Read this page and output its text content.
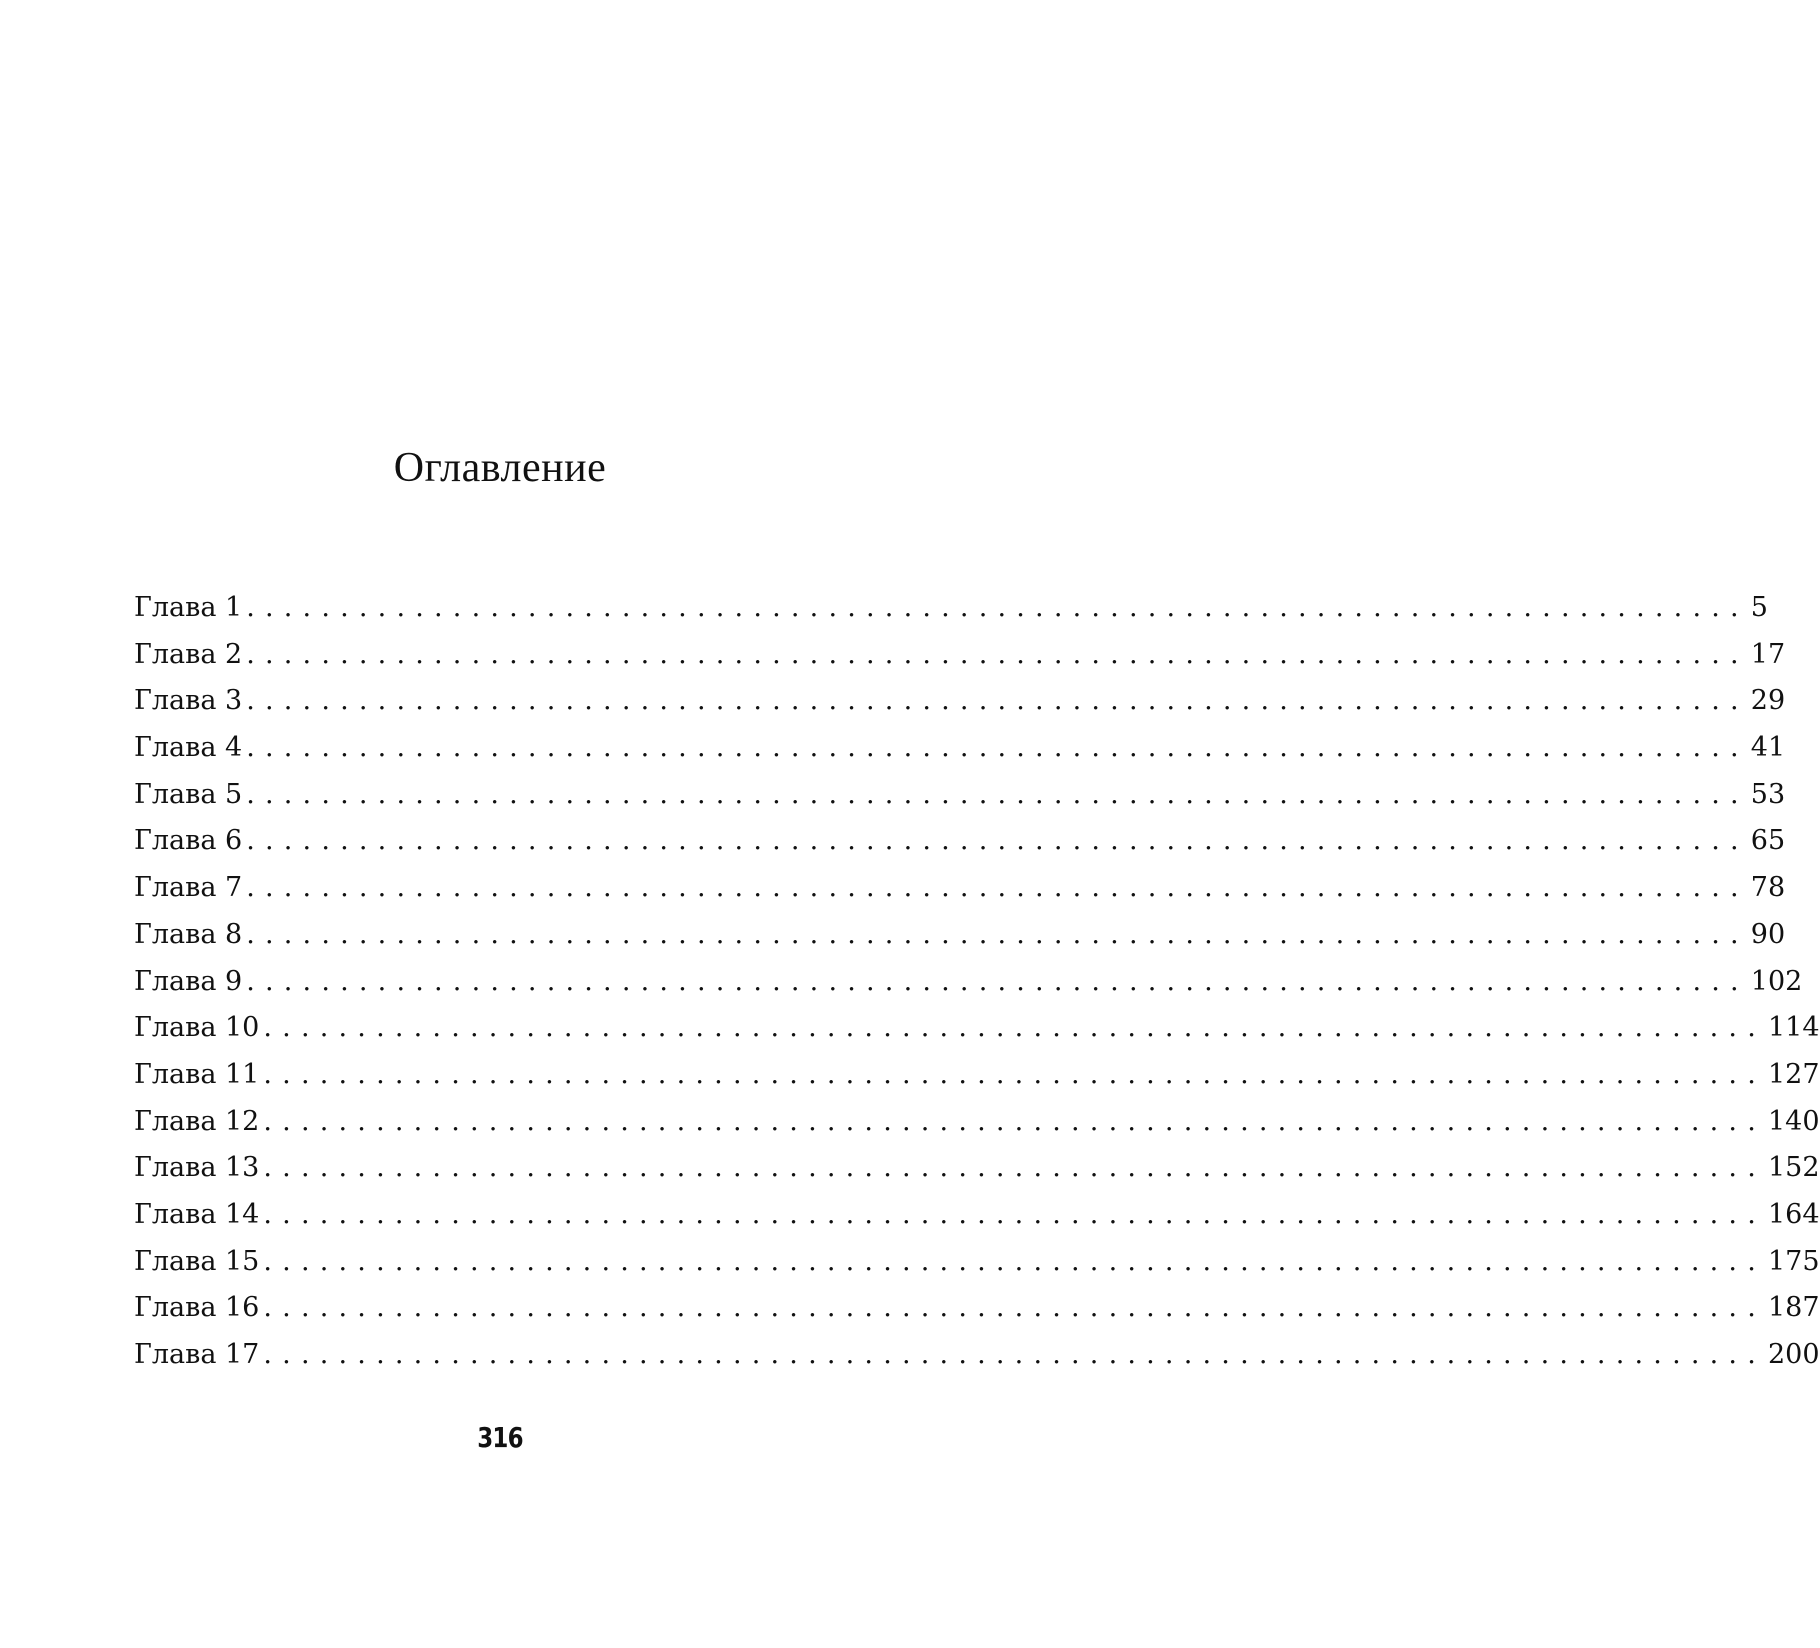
Оглавление
Глава 1 ................................................................................ 5
Глава 2 ................................................................................ 17
Глава 3 ................................................................................ 29
Глава 4 ................................................................................ 41
Глава 5 ................................................................................ 53
Глава 6 ................................................................................ 65
Глава 7 ................................................................................ 78
Глава 8 ................................................................................ 90
Глава 9 ................................................................................ 102
Глава 10 ................................................................................ 114
Глава 11 ................................................................................ 127
Глава 12 ................................................................................ 140
Глава 13 ................................................................................ 152
Глава 14 ................................................................................ 164
Глава 15 ................................................................................ 175
Глава 16 ................................................................................ 187
Глава 17 ................................................................................ 200
316
